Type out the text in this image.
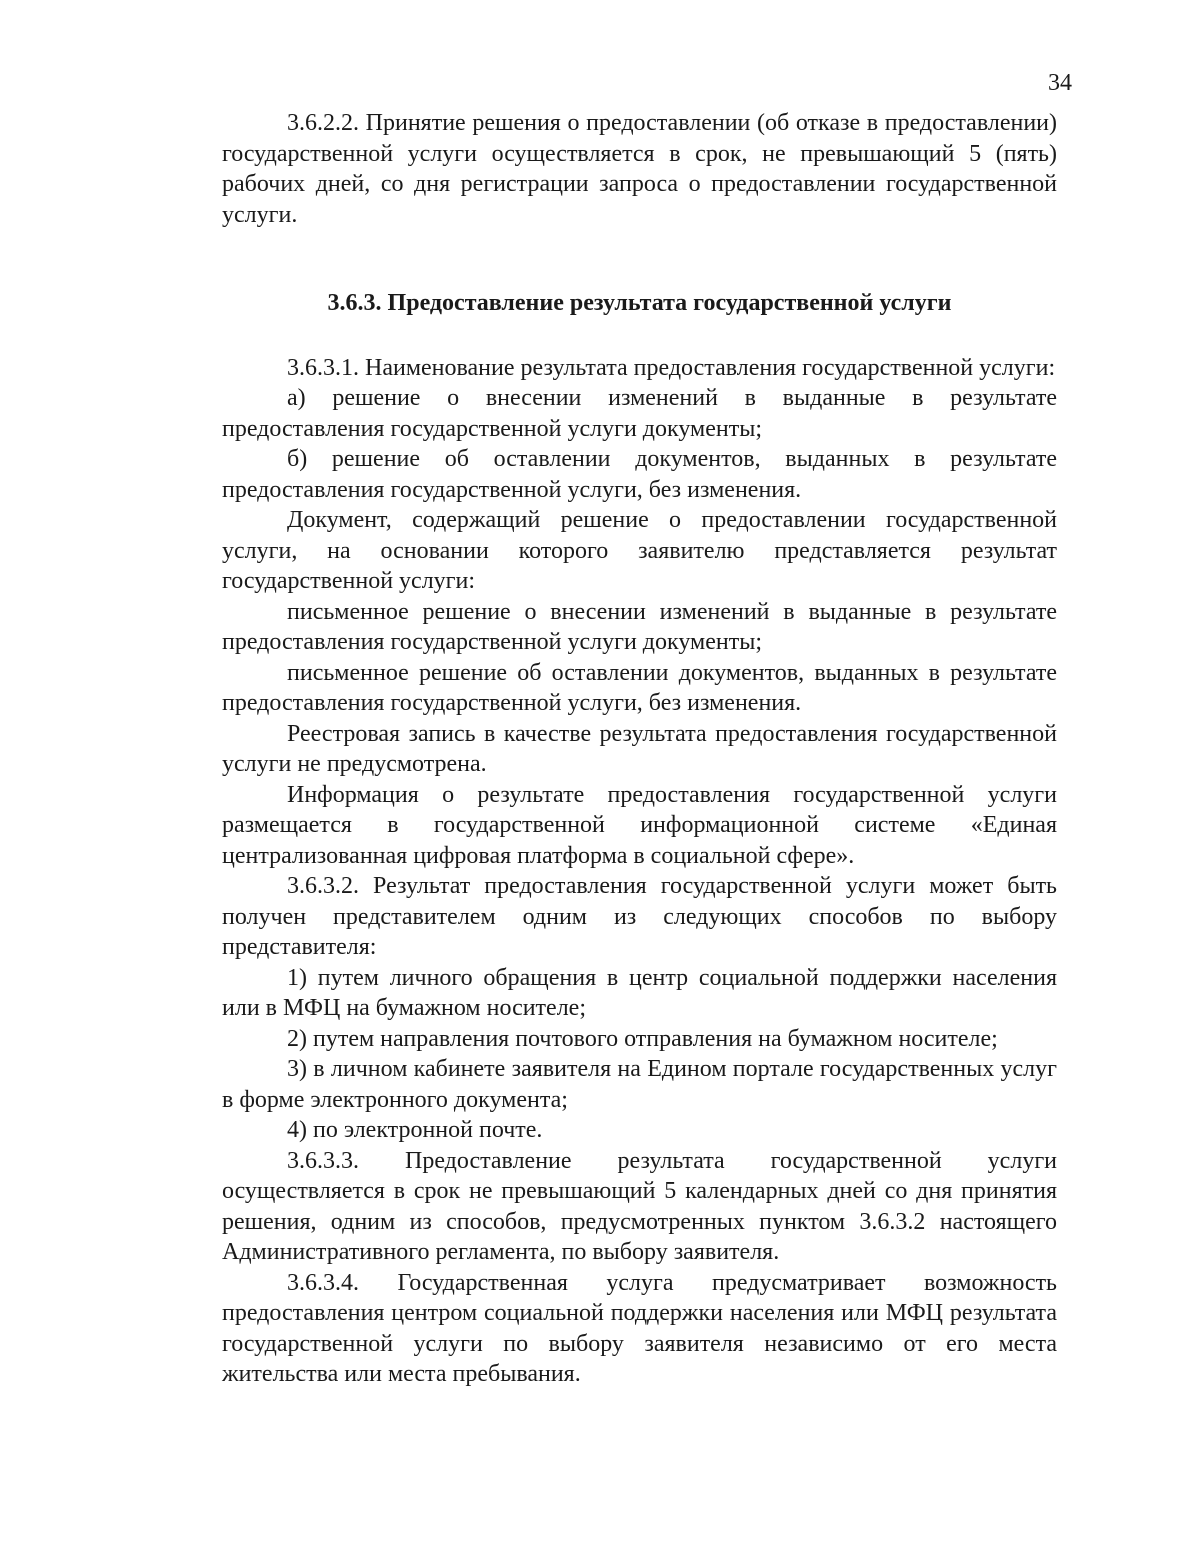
34

3.6.2.2. Принятие решения о предоставлении (об отказе в предоставлении) государственной услуги осуществляется в срок, не превышающий 5 (пять) рабочих дней, со дня регистрации запроса о предоставлении государственной услуги.

3.6.3. Предоставление результата государственной услуги

3.6.3.1. Наименование результата предоставления государственной услуги:

а) решение о внесении изменений в выданные в результате предоставления государственной услуги документы;

б) решение об оставлении документов, выданных в результате предоставления государственной услуги, без изменения.

Документ, содержащий решение о предоставлении государственной услуги, на основании которого заявителю представляется результат государственной услуги:

письменное решение о внесении изменений в выданные в результате предоставления государственной услуги документы;

письменное решение об оставлении документов, выданных в результате предоставления государственной услуги, без изменения.

Реестровая запись в качестве результата предоставления государственной услуги не предусмотрена.

Информация о результате предоставления государственной услуги размещается в государственной информационной системе «Единая централизованная цифровая платформа в социальной сфере».

3.6.3.2. Результат предоставления государственной услуги может быть получен представителем одним из следующих способов по выбору представителя:

1) путем личного обращения в центр социальной поддержки населения или в МФЦ на бумажном носителе;

2) путем направления почтового отправления на бумажном носителе;

3) в личном кабинете заявителя на Едином портале государственных услуг в форме электронного документа;

4) по электронной почте.

3.6.3.3. Предоставление результата государственной услуги осуществляется в срок не превышающий 5 календарных дней со дня принятия решения, одним из способов, предусмотренных пунктом 3.6.3.2 настоящего Административного регламента, по выбору заявителя.

3.6.3.4. Государственная услуга предусматривает возможность предоставления центром социальной поддержки населения или МФЦ результата государственной услуги по выбору заявителя независимо от его места жительства или места пребывания.
